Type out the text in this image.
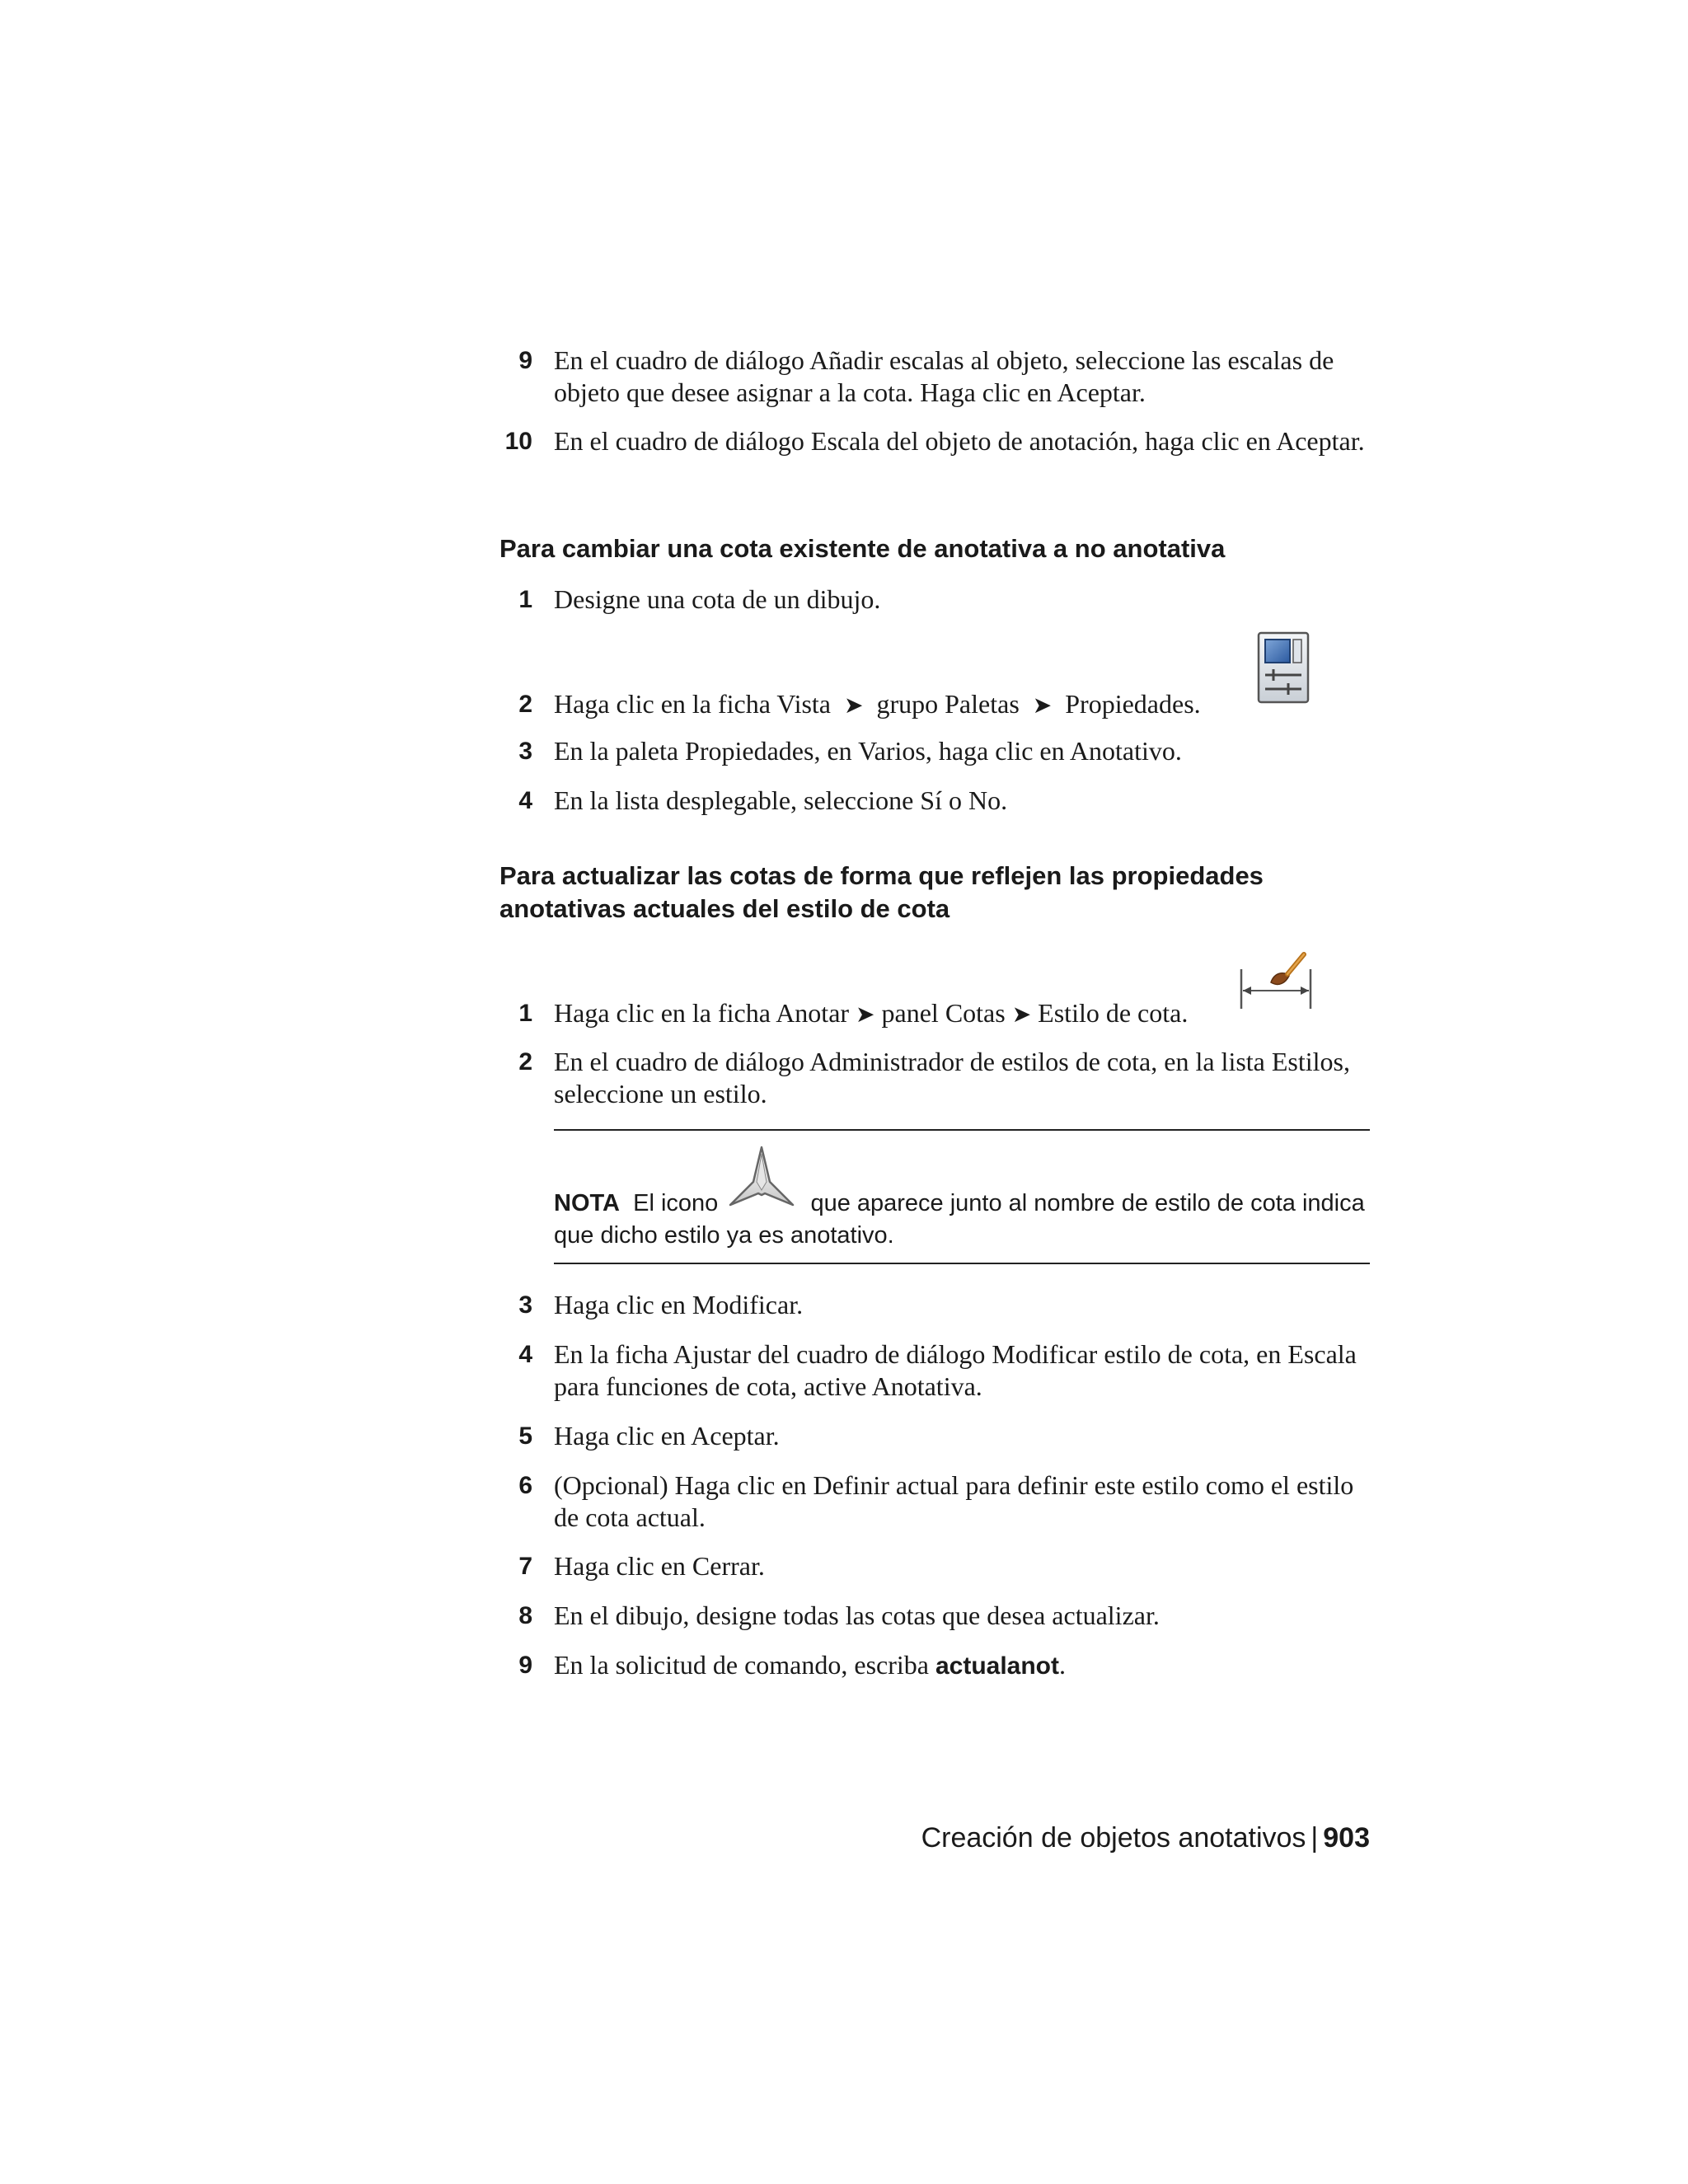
9 En el cuadro de diálogo Añadir escalas al objeto, seleccione las escalas de objeto que desee asignar a la cota. Haga clic en Aceptar.
10 En el cuadro de diálogo Escala del objeto de anotación, haga clic en Aceptar.
Para cambiar una cota existente de anotativa a no anotativa
1 Designe una cota de un dibujo.
2 Haga clic en la ficha Vista ➤ grupo Paletas ➤ Propiedades.
3 En la paleta Propiedades, en Varios, haga clic en Anotativo.
4 En la lista desplegable, seleccione Sí o No.
Para actualizar las cotas de forma que reflejen las propiedades anotativas actuales del estilo de cota
1 Haga clic en la ficha Anotar ➤ panel Cotas ➤ Estilo de cota.
2 En el cuadro de diálogo Administrador de estilos de cota, en la lista Estilos, seleccione un estilo.
NOTA El icono	que aparece junto al nombre de estilo de cota indica que dicho estilo ya es anotativo.
3 Haga clic en Modificar.
4 En la ficha Ajustar del cuadro de diálogo Modificar estilo de cota, en Escala para funciones de cota, active Anotativa.
5 Haga clic en Aceptar.
6 (Opcional) Haga clic en Definir actual para definir este estilo como el estilo de cota actual.
7 Haga clic en Cerrar.
8 En el dibujo, designe todas las cotas que desea actualizar.
9 En la solicitud de comando, escriba actualanot.
Creación de objetos anotativos | 903
